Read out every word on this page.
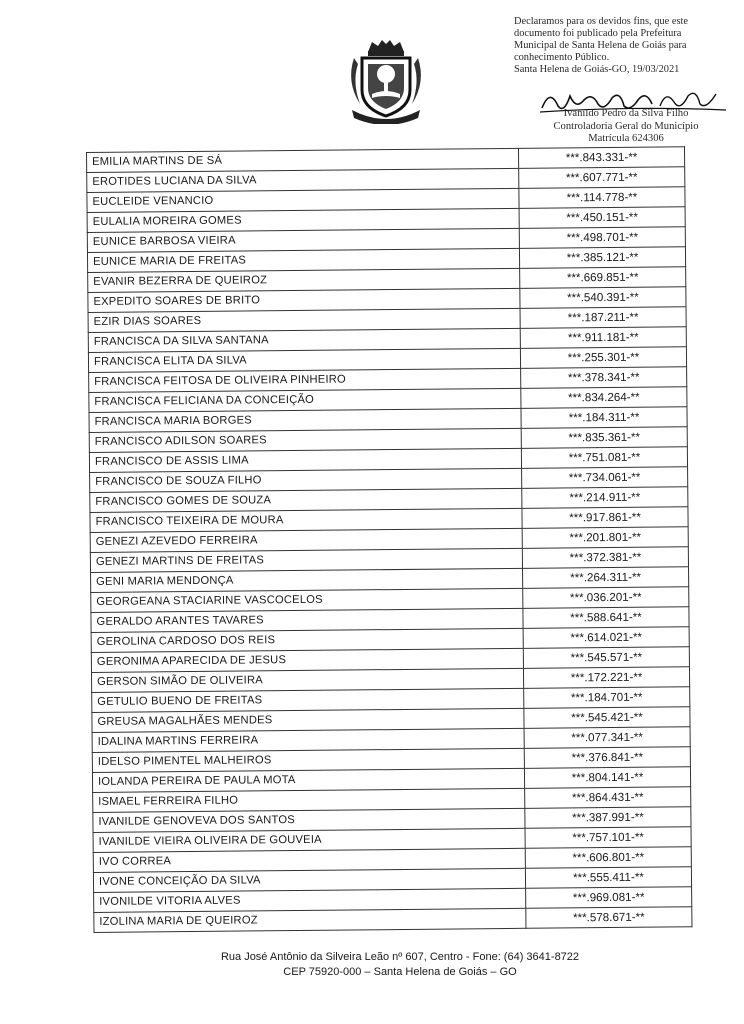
Declaramos para os devidos fins, que este
documento foi publicado pela Prefeitura
Municipal de Santa Helena de Goiás para
conhecimento Público.
Santa Helena de Goiás-GO, 19/03/2021
Ivanildo Pedro da Silva Filho
Controladoria Geral do Município
Matrícula 624306
EMILIA MARTINS DE SÁ	***.843.331-**
EROTIDES LUCIANA DA SILVA	***.607.771-**
EUCLEIDE VENANCIO	***.114.778-**
EULALIA MOREIRA GOMES	***.450.151-**
EUNICE BARBOSA VIEIRA	***.498.701-**
EUNICE MARIA DE FREITAS	***.385.121-**
EVANIR BEZERRA DE QUEIROZ	***.669.851-**
EXPEDITO SOARES DE BRITO	***.540.391-**
EZIR DIAS SOARES	***.187.211-**
FRANCISCA DA SILVA SANTANA	***.911.181-**
FRANCISCA ELITA DA SILVA	***.255.301-**
FRANCISCA FEITOSA DE OLIVEIRA PINHEIRO	***.378.341-**
FRANCISCA FELICIANA DA CONCEIÇÃO	***.834.264-**
FRANCISCA MARIA BORGES	***.184.311-**
FRANCISCO ADILSON SOARES	***.835.361-**
FRANCISCO DE ASSIS LIMA	***.751.081-**
FRANCISCO DE SOUZA FILHO	***.734.061-**
FRANCISCO GOMES DE SOUZA	***.214.911-**
FRANCISCO TEIXEIRA DE MOURA	***.917.861-**
GENEZI AZEVEDO FERREIRA	***.201.801-**
GENEZI MARTINS DE FREITAS	***.372.381-**
GENI MARIA MENDONÇA	***.264.311-**
GEORGEANA STACIARINE VASCOCELOS	***.036.201-**
GERALDO ARANTES TAVARES	***.588.641-**
GEROLINA CARDOSO DOS REIS	***.614.021-**
GERONIMA APARECIDA DE JESUS	***.545.571-**
GERSON SIMÃO DE OLIVEIRA	***.172.221-**
GETULIO BUENO DE FREITAS	***.184.701-**
GREUSA MAGALHÃES MENDES	***.545.421-**
IDALINA MARTINS FERREIRA	***.077.341-**
IDELSO PIMENTEL MALHEIROS	***.376.841-**
IOLANDA PEREIRA DE PAULA MOTA	***.804.141-**
ISMAEL FERREIRA FILHO	***.864.431-**
IVANILDE GENOVEVA DOS SANTOS	***.387.991-**
IVANILDE VIEIRA OLIVEIRA DE GOUVEIA	***.757.101-**
IVO CORREA	***.606.801-**
IVONE CONCEIÇÃO DA SILVA	***.555.411-**
IVONILDE VITORIA ALVES	***.969.081-**
IZOLINA MARIA DE QUEIROZ	***.578.671-**
Rua José Antônio da Silveira Leão nº 607, Centro - Fone: (64) 3641-8722
CEP 75920-000 – Santa Helena de Goiás – GO
